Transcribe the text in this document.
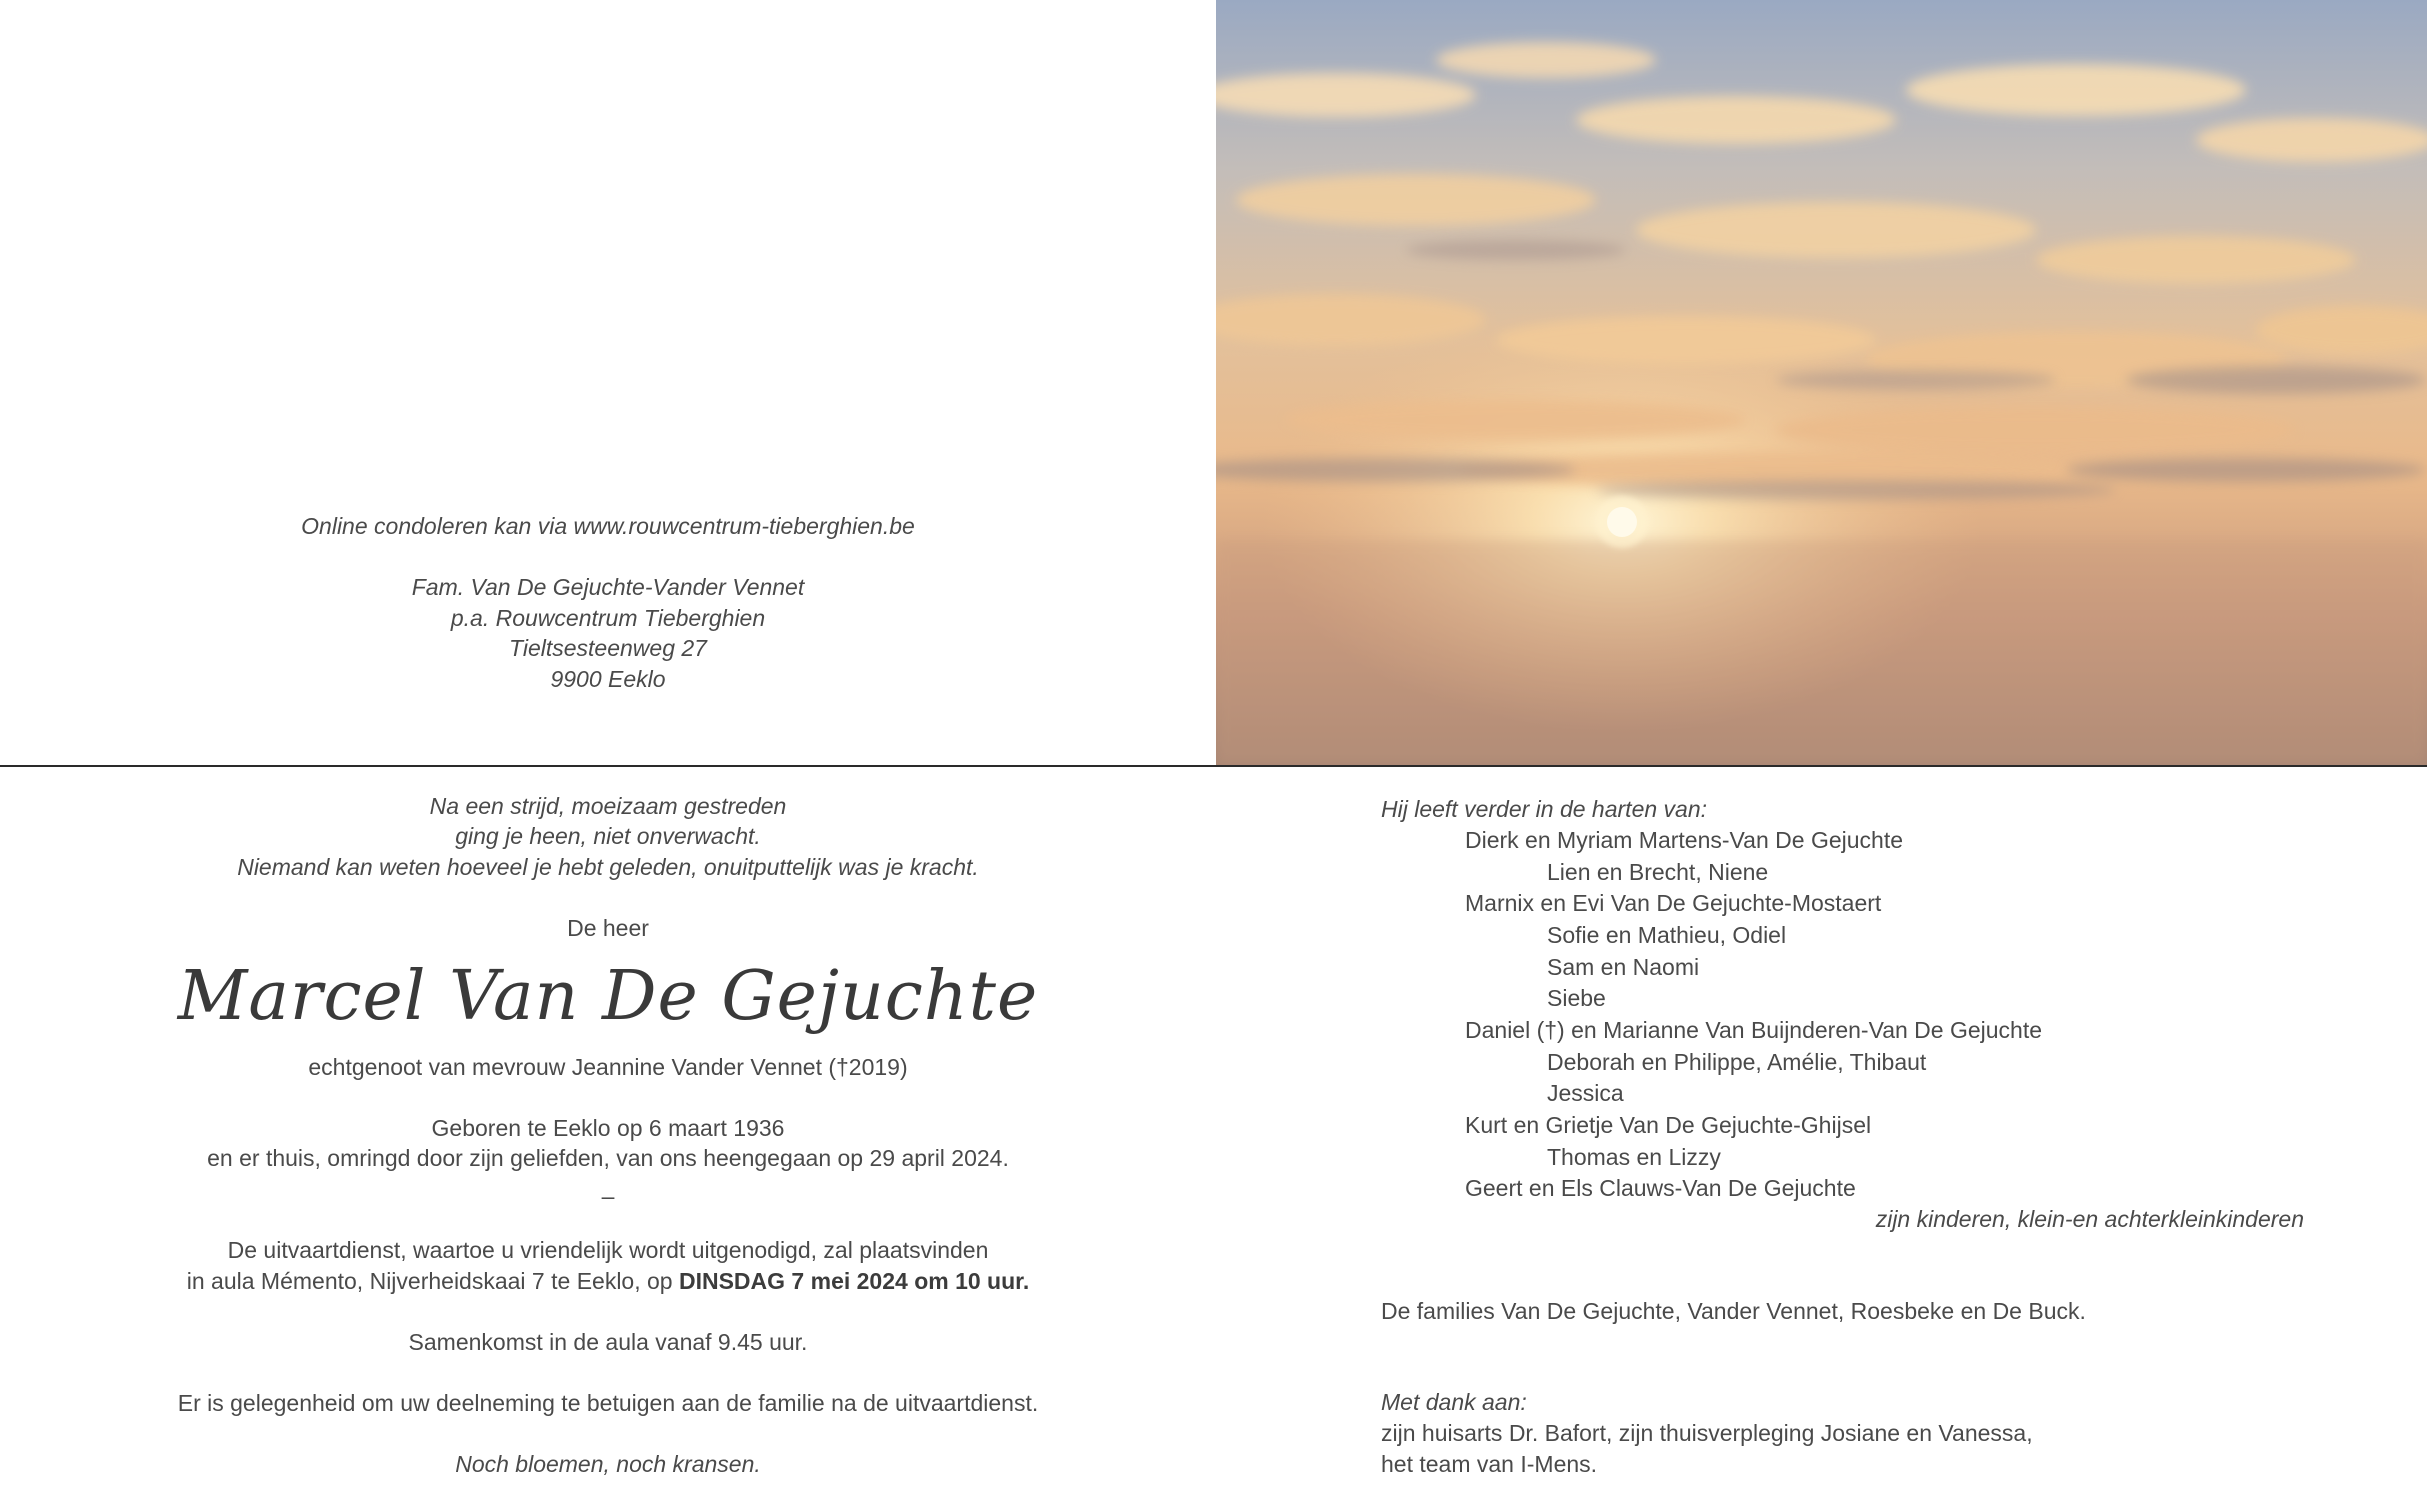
Online condoleren kan via www.rouwcentrum-tieberghien.be
Fam. Van De Gejuchte-Vander Vennet
p.a. Rouwcentrum Tieberghien
Tieltsesteenweg 27
9900 Eeklo
Na een strijd, moeizaam gestreden
ging je heen, niet onverwacht.
Niemand kan weten hoeveel je hebt geleden, onuitputtelijk was je kracht.
De heer
Marcel Van De Gejuchte
echtgenoot van mevrouw Jeannine Vander Vennet (†2019)
Geboren te Eeklo op 6 maart 1936
en er thuis, omringd door zijn geliefden, van ons heengegaan op 29 april 2024.
–
De uitvaartdienst, waartoe u vriendelijk wordt uitgenodigd, zal plaatsvinden
in aula Mémento, Nijverheidskaai 7 te Eeklo, op DINSDAG 7 mei 2024 om 10 uur.
Samenkomst in de aula vanaf 9.45 uur.
Er is gelegenheid om uw deelneming te betuigen aan de familie na de uitvaartdienst.
Noch bloemen, noch kransen.
Hij leeft verder in de harten van:
Dierk en Myriam Martens-Van De Gejuchte
Lien en Brecht, Niene
Marnix en Evi Van De Gejuchte-Mostaert
Sofie en Mathieu, Odiel
Sam en Naomi
Siebe
Daniel (†) en Marianne Van Buijnderen-Van De Gejuchte
Deborah en Philippe, Amélie, Thibaut
Jessica
Kurt en Grietje Van De Gejuchte-Ghijsel
Thomas en Lizzy
Geert en Els Clauws-Van De Gejuchte
zijn kinderen, klein-en achterkleinkinderen
De families Van De Gejuchte, Vander Vennet, Roesbeke en De Buck.
Met dank aan:
zijn huisarts Dr. Bafort, zijn thuisverpleging Josiane en Vanessa,
het team van I-Mens.
